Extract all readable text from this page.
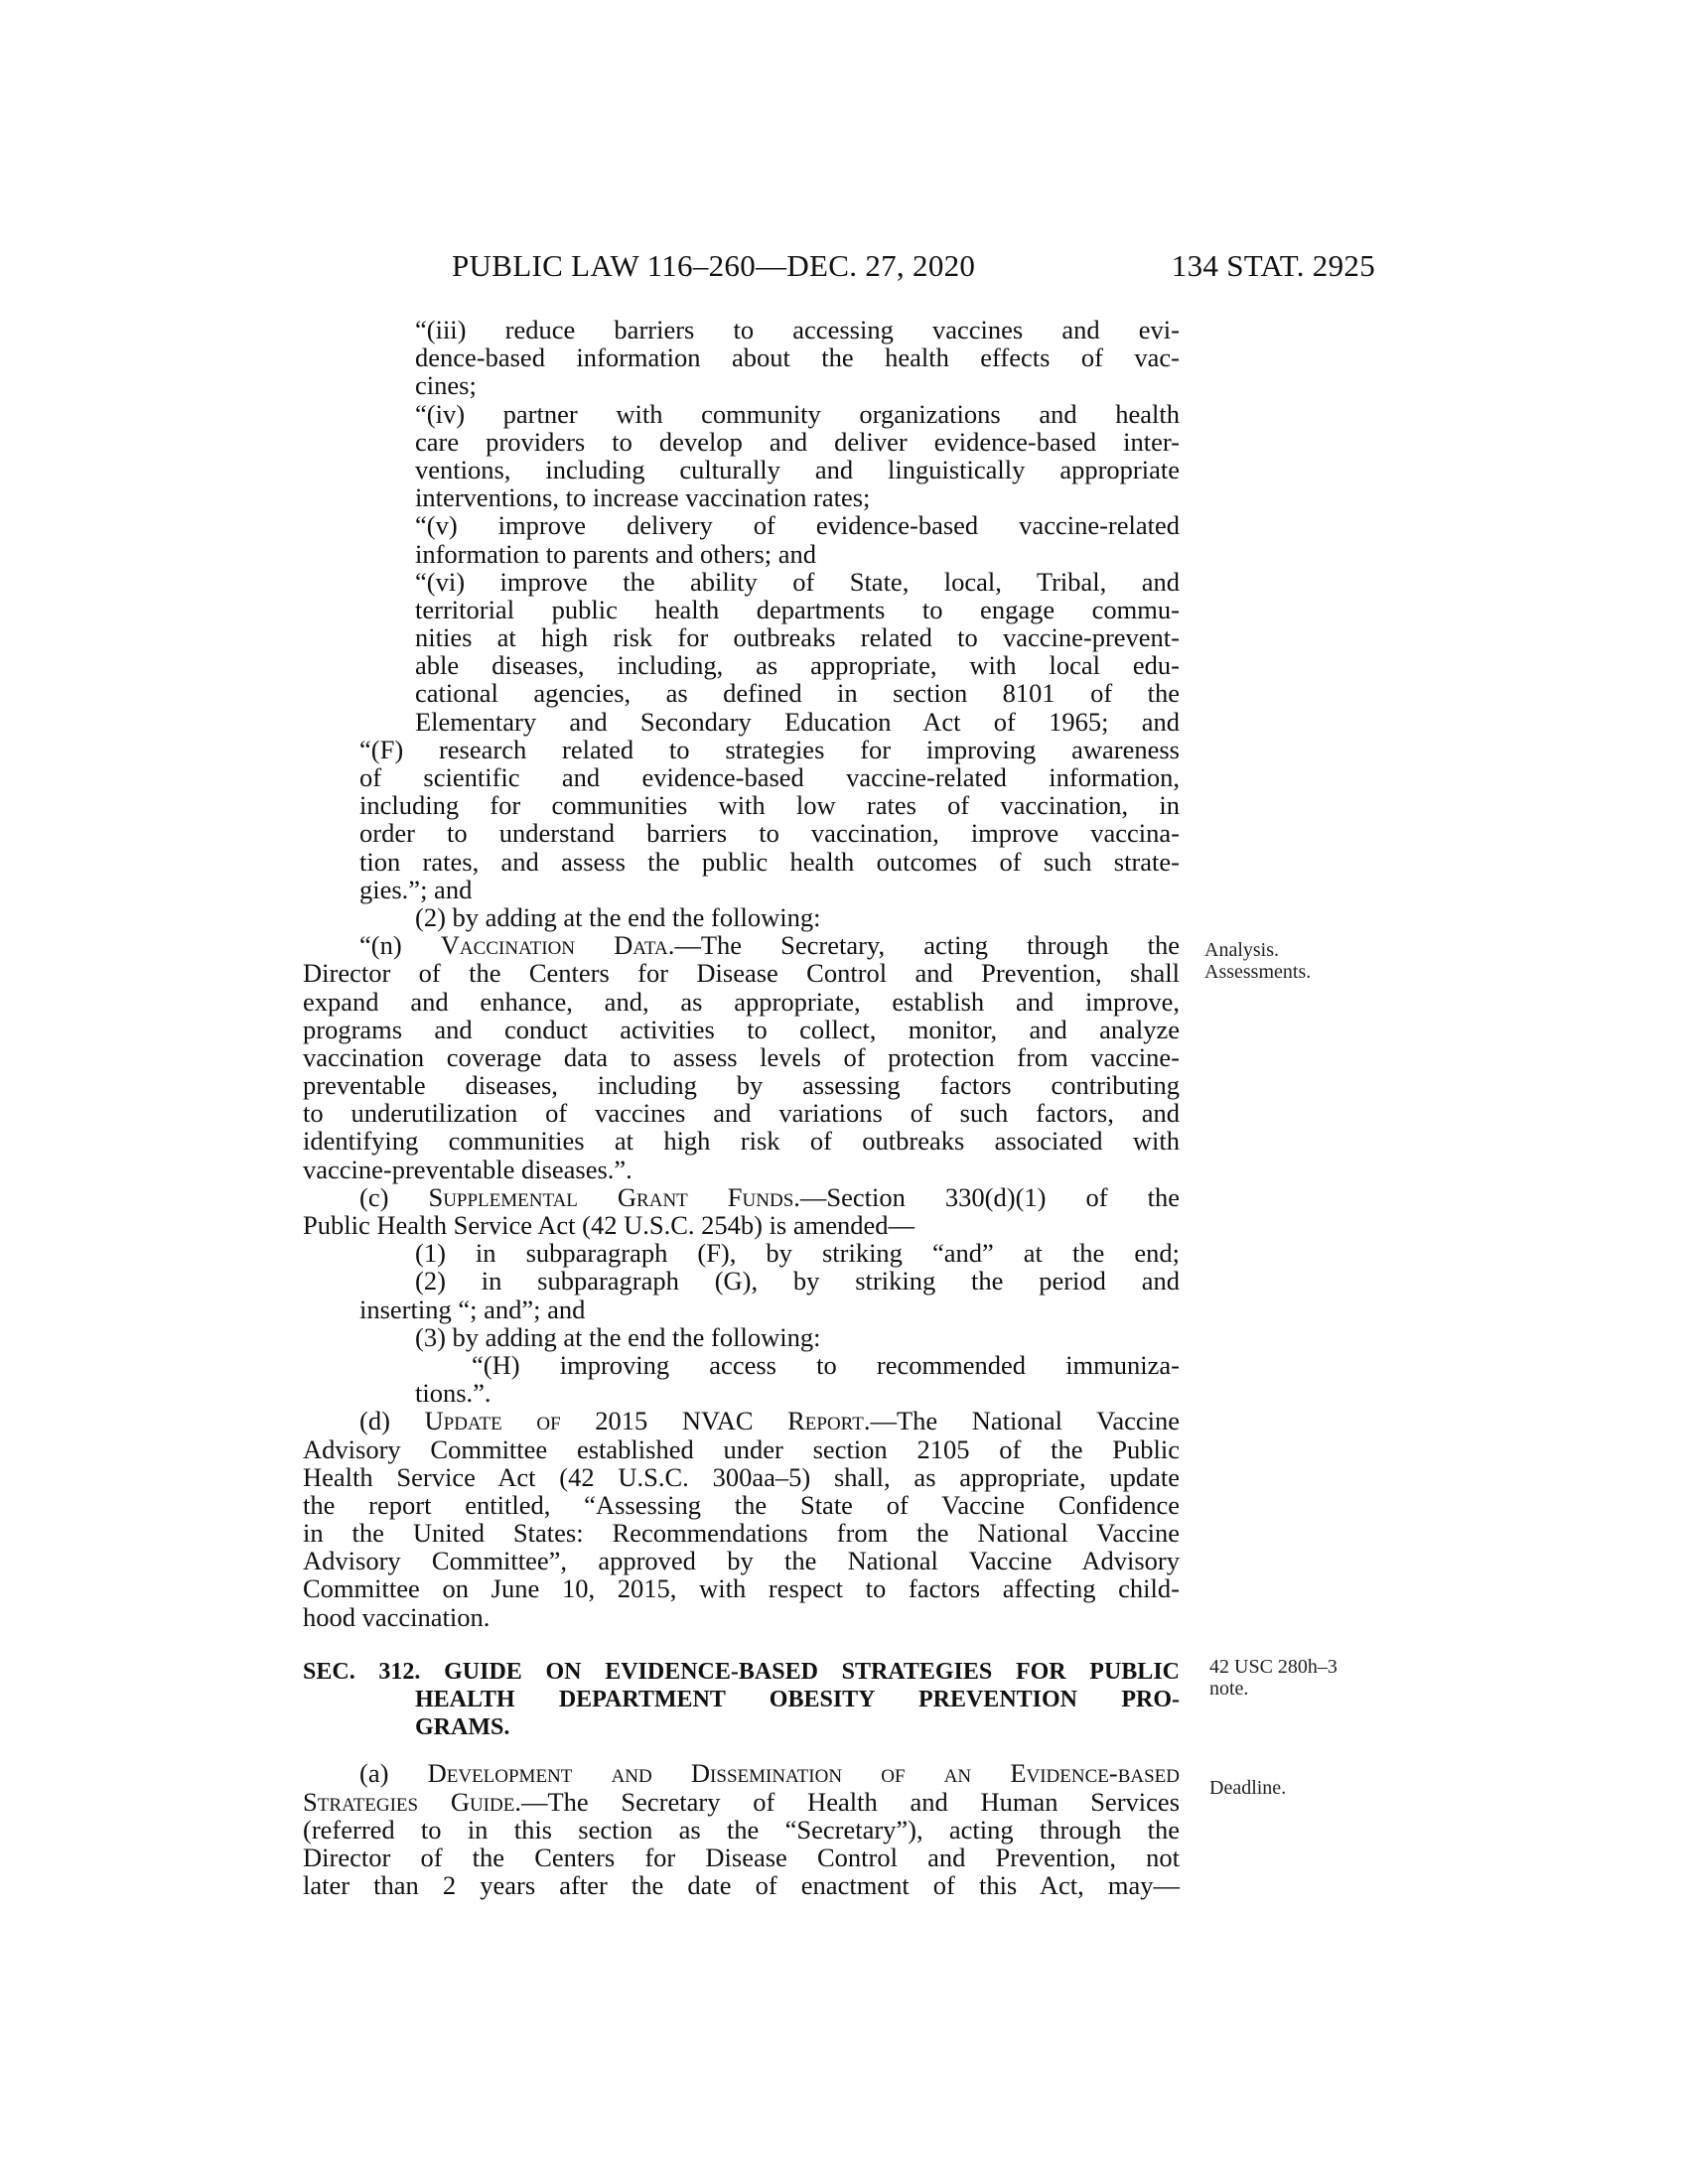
PUBLIC LAW 116–260—DEC. 27, 2020	134 STAT. 2925
Analysis.
Assessments.
42 USC 280h–3
note.
Deadline.
“(iii) reduce barriers to accessing vaccines and evi-
dence-based information about the health effects of vac-
cines;
“(iv) partner with community organizations and health
care providers to develop and deliver evidence-based inter-
ventions, including culturally and linguistically appropriate
interventions, to increase vaccination rates;
“(v) improve delivery of evidence-based vaccine-related
information to parents and others; and
“(vi) improve the ability of State, local, Tribal, and
territorial public health departments to engage commu-
nities at high risk for outbreaks related to vaccine-prevent-
able diseases, including, as appropriate, with local edu-
cational agencies, as defined in section 8101 of the
Elementary and Secondary Education Act of 1965; and
“(F) research related to strategies for improving awareness
of scientific and evidence-based vaccine-related information,
including for communities with low rates of vaccination, in
order to understand barriers to vaccination, improve vaccina-
tion rates, and assess the public health outcomes of such strate-
gies.”; and
(2) by adding at the end the following:
“(n) Vaccination Data.—The Secretary, acting through the
Director of the Centers for Disease Control and Prevention, shall
expand and enhance, and, as appropriate, establish and improve,
programs and conduct activities to collect, monitor, and analyze
vaccination coverage data to assess levels of protection from vaccine-
preventable diseases, including by assessing factors contributing
to underutilization of vaccines and variations of such factors, and
identifying communities at high risk of outbreaks associated with
vaccine-preventable diseases.”.
(c) Supplemental Grant Funds.—Section 330(d)(1) of the
Public Health Service Act (42 U.S.C. 254b) is amended—
(1) in subparagraph (F), by striking “and” at the end;
(2) in subparagraph (G), by striking the period and
inserting “; and”; and
(3) by adding at the end the following:
“(H) improving access to recommended immuniza-
tions.”.
(d) Update of 2015 NVAC Report.—The National Vaccine
Advisory Committee established under section 2105 of the Public
Health Service Act (42 U.S.C. 300aa–5) shall, as appropriate, update
the report entitled, “Assessing the State of Vaccine Confidence
in the United States: Recommendations from the National Vaccine
Advisory Committee”, approved by the National Vaccine Advisory
Committee on June 10, 2015, with respect to factors affecting child-
hood vaccination.
SEC. 312. GUIDE ON EVIDENCE-BASED STRATEGIES FOR PUBLIC
HEALTH DEPARTMENT OBESITY PREVENTION PRO-
GRAMS.
(a) Development and Dissemination of an Evidence-based
Strategies Guide.—The Secretary of Health and Human Services
(referred to in this section as the “Secretary”), acting through the
Director of the Centers for Disease Control and Prevention, not
later than 2 years after the date of enactment of this Act, may—
